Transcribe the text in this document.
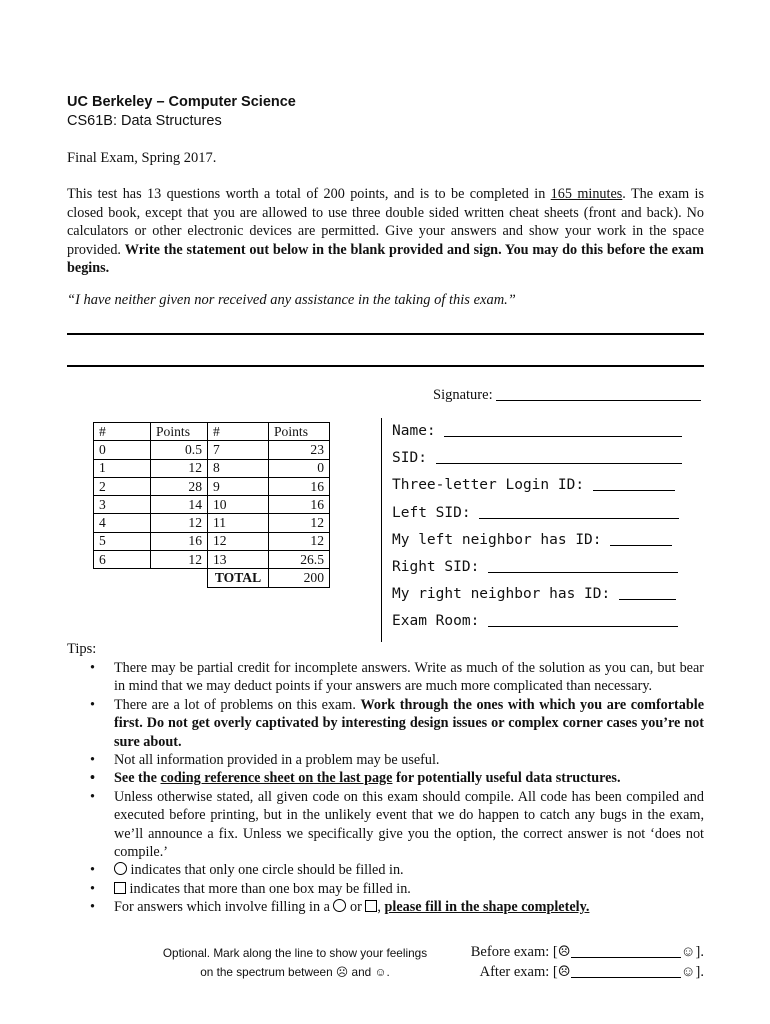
UC Berkeley – Computer Science
CS61B: Data Structures
Final Exam, Spring 2017.
This test has 13 questions worth a total of 200 points, and is to be completed in 165 minutes. The exam is closed book, except that you are allowed to use three double sided written cheat sheets (front and back). No calculators or other electronic devices are permitted. Give your answers and show your work in the space provided. Write the statement out below in the blank provided and sign. You may do this before the exam begins.
“I have neither given nor received any assistance in the taking of this exam.”
Signature:
#	Points	#	Points
0	0.5	7	23
1	12	8	0
2	28	9	16
3	14	10	16
4	12	11	12
5	16	12	12
6	12	13	26.5
		TOTAL	200
Name:
SID:
Three-letter Login ID:
Left SID:
My left neighbor has ID:
Right SID:
My right neighbor has ID:
Exam Room:
Tips:
• There may be partial credit for incomplete answers. Write as much of the solution as you can, but bear in mind that we may deduct points if your answers are much more complicated than necessary.
• There are a lot of problems on this exam. Work through the ones with which you are comfortable first. Do not get overly captivated by interesting design issues or complex corner cases you’re not sure about.
• Not all information provided in a problem may be useful.
• See the coding reference sheet on the last page for potentially useful data structures.
• Unless otherwise stated, all given code on this exam should compile. All code has been compiled and executed before printing, but in the unlikely event that we do happen to catch any bugs in the exam, we’ll announce a fix. Unless we specifically give you the option, the correct answer is not ‘does not compile.’
• indicates that only one circle should be filled in.
• indicates that more than one box may be filled in.
• For answers which involve filling in a  or , please fill in the shape completely.
Optional. Mark along the line to show your feelings
on the spectrum between ☹ and ☺.
Before exam: [☹	☺].
After exam: [☹	☺].
